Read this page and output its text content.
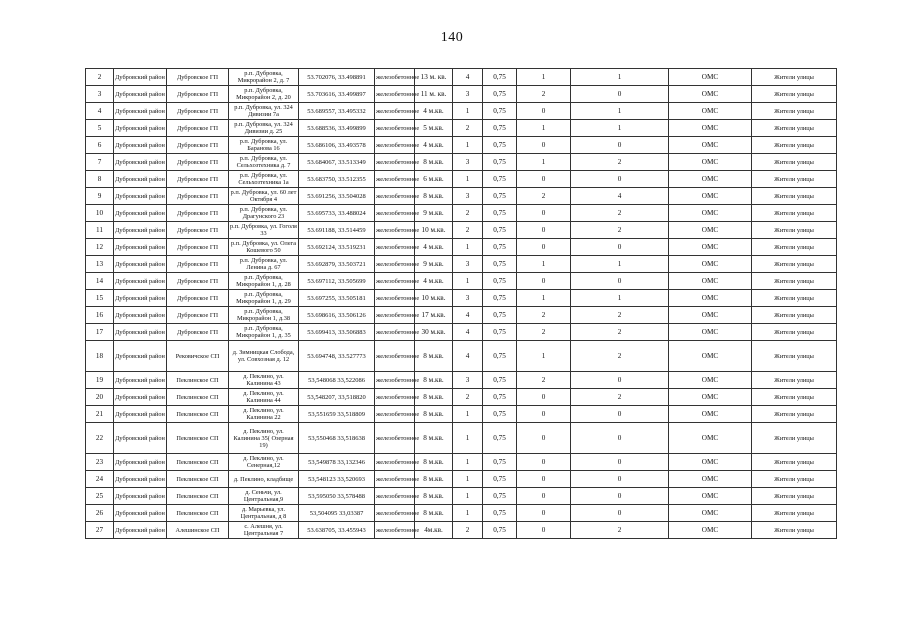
140
2	Дубровский район	Дубровское ГП	р.п. Дубровка, Микрорайон 2, д. 7	53.702076, 33.498891	железобетонное	13 м. кв.	4	0,75	1	1	ОМС	Жители улицы
3	Дубровский район	Дубровское ГП	р.п. Дубровка, Микрорайон 2, д. 20	53.703616, 33.499897	железобетонное	11 м. кв.	3	0,75	2	0	ОМС	Жители улицы
4	Дубровский район	Дубровское ГП	р.п. Дубровка, ул. 324 Дивизии 7а	53.689557, 33.495332	железобетонное	4 м.кв.	1	0,75	0	1	ОМС	Жители улицы
5	Дубровский район	Дубровское ГП	р.п. Дубровка, ул. 324 Дивизии д. 25	53.688536, 33.499899	железобетонное	5 м.кв.	2	0,75	1	1	ОМС	Жители улицы
6	Дубровский район	Дубровское ГП	р.п. Дубровка, ул. Баранова 16	53.686106, 33.493578	железобетонное	4 м.кв.	1	0,75	0	0	ОМС	Жители улицы
7	Дубровский район	Дубровское ГП	р.п. Дубровка, ул. Сельхозтехника д. 7	53.684067, 33.513349	железобетонное	8 м.кв.	3	0,75	1	2	ОМС	Жители улицы
8	Дубровский район	Дубровское ГП	р.п. Дубровка, ул. Сельхозтехника 1а	53.683750, 33.512355	железобетонное	6 м.кв.	1	0,75	0	0	ОМС	Жители улицы
9	Дубровский район	Дубровское ГП	р.п. Дубровка, ул. 60 лет Октября 4	53.691256, 33.504028	железобетонное	8 м.кв.	3	0,75	2	4	ОМС	Жители улицы
10	Дубровский район	Дубровское ГП	р.п. Дубровка, ул. Драгунского 23	53.695733, 33.488024	железобетонное	9 м.кв.	2	0,75	0	2	ОМС	Жители улицы
11	Дубровский район	Дубровское ГП	р.п. Дубровка, ул. Гоголя 33	53.691188, 33.514459	железобетонное	10 м.кв.	2	0,75	0	2	ОМС	Жители улицы
12	Дубровский район	Дубровское ГП	р.п. Дубровка, ул. Олега Кошевого 50	53.692124, 33.519231	железобетонное	4 м.кв.	1	0,75	0	0	ОМС	Жители улицы
13	Дубровский район	Дубровское ГП	р.п. Дубровка, ул. Ленина д. 67	53.692879, 33.503721	железобетонное	9 м.кв.	3	0,75	1	1	ОМС	Жители улицы
14	Дубровский район	Дубровское ГП	р.п. Дубровка, Микрорайон 1, д. 28	53.697112, 33.505699	железобетонное	4 м.кв.	1	0,75	0	0	ОМС	Жители улицы
15	Дубровский район	Дубровское ГП	р.п. Дубровка, Микрорайон 1, д. 29	53.697255, 33.505181	железобетонное	10 м.кв.	3	0,75	1	1	ОМС	Жители улицы
16	Дубровский район	Дубровское ГП	р.п. Дубровка, Микрорайон 1, д.38	53.698616, 33.506126	железобетонное	17 м.кв.	4	0,75	2	2	ОМС	Жители улицы
17	Дубровский район	Дубровское ГП	р.п. Дубровка, Микрорайон 1, д. 35	53.699413, 33.506883	железобетонное	30 м.кв.	4	0,75	2	2	ОМС	Жители улицы
18	Дубровский район	Рековичское СП	д. Зимницкая Слобода, ул. Совхозная д. 12	53.694748, 33.527773	железобетонное	8 м.кв.	4	0,75	1	2	ОМС	Жители улицы
19	Дубровский район	Пеклинское СП	д. Пеклино, ул. Калинина 43	53,548068 33,522086	железобетонное	8 м.кв.	3	0,75	2	0	ОМС	Жители улицы
20	Дубровский район	Пеклинское СП	д. Пеклино, ул. Калинина 44	53,548207, 33,518820	железобетонное	8 м.кв.	2	0,75	0	2	ОМС	Жители улицы
21	Дубровский район	Пеклинское СП	д. Пеклино, ул. Калинина 22	53,551659 33,518809	железобетонное	8 м.кв.	1	0,75	0	0	ОМС	Жители улицы
22	Дубровский район	Пеклинское СП	д. Пеклино, ул. Калинина 35( Озерная 19)	53,550468 33,518638	железобетонное	8 м.кв.	1	0,75	0	0	ОМС	Жители улицы
23	Дубровский район	Пеклинское СП	д. Пеклино, ул. Сенерная,12	53,549878 33,132346	железобетонное	8 м.кв.	1	0,75	0	0	ОМС	Жители улицы
24	Дубровский район	Пеклинское СП	д. Пеклино, кладбище	53,548123 33,520693	железобетонное	8 м.кв.	1	0,75	0	0	ОМС	Жители улицы
25	Дубровский район	Пеклинское СП	д. Сеньчи, ул. Центральная,9	53,595050 33,578488	железобетонное	8 м.кв.	1	0,75	0	0	ОМС	Жители улицы
26	Дубровский район	Пеклинское СП	д. Марьевка, ул. Центральная, д 8	53,504095 33,03387	железобетонное	8 м.кв.	1	0,75	0	0	ОМС	Жители улицы
27	Дубровский район	Алешинское СП	с. Алешня, ул. Центральная 7	53.638705, 33.455943	железобетонное	4м.кв.	2	0,75	0	2	ОМС	Жители улицы
